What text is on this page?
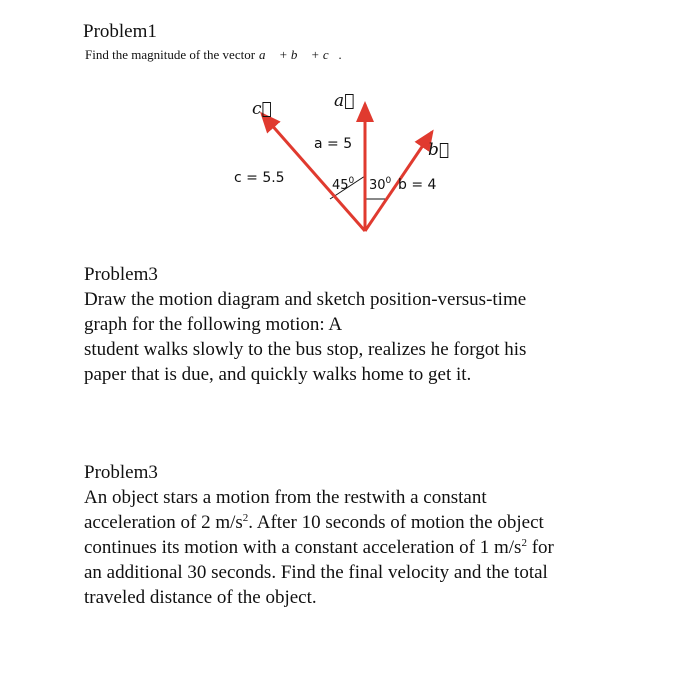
Problem1
Find the magnitude of the vector a⃗ + b⃗ + c⃗.
c⃗	a⃗
b⃗
a = 5
c = 5.5	b = 4
$45^0$ $30^0$
Problem3
Draw the motion diagram and sketch position-versus-time
graph for the following motion: A
student walks slowly to the bus stop, realizes he forgot his
paper that is due, and quickly walks home to get it.
Problem3
An object stars a motion from the restwith a constant
acceleration of 2 $m/s^2$. After 10 seconds of motion the object
continues its motion with a constant acceleration of 1 $m/s^2$ for
an additional 30 seconds. Find the final velocity and the total
traveled distance of the object.
